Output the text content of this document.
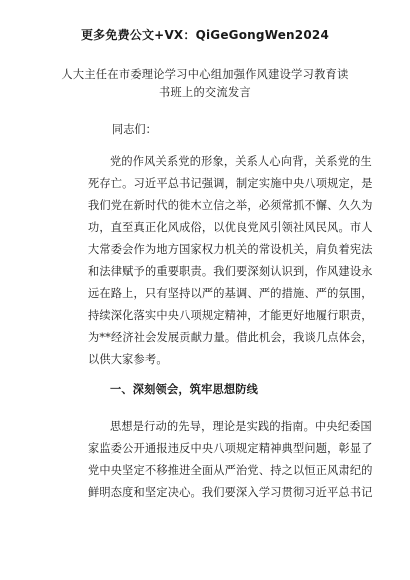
更多免费公文+VX：QiGeGongWen2024
人大主任在市委理论学习中心组加强作风建设学习教育读
书班上的交流发言
同志们：
党的作风关系党的形象，关系人心向背，关系党的生
死存亡。习近平总书记强调，制定实施中央八项规定，是
我们党在新时代的徙木立信之举，必须常抓不懈、久久为
功，直至真正化风成俗，以优良党风引领社风民风。市人
大常委会作为地方国家权力机关的常设机关，肩负着宪法
和法律赋予的重要职责。我们要深刻认识到，作风建设永
远在路上，只有坚持以严的基调、严的措施、严的氛围，
持续深化落实中央八项规定精神，才能更好地履行职责，
为**经济社会发展贡献力量。借此机会，我谈几点体会，
以供大家参考。
一、深刻领会，筑牢思想防线
思想是行动的先导，理论是实践的指南。中央纪委国
家监委公开通报违反中央八项规定精神典型问题，彰显了
党中央坚定不移推进全面从严治党、持之以恒正风肃纪的
鲜明态度和坚定决心。我们要深入学习贯彻习近平总书记
